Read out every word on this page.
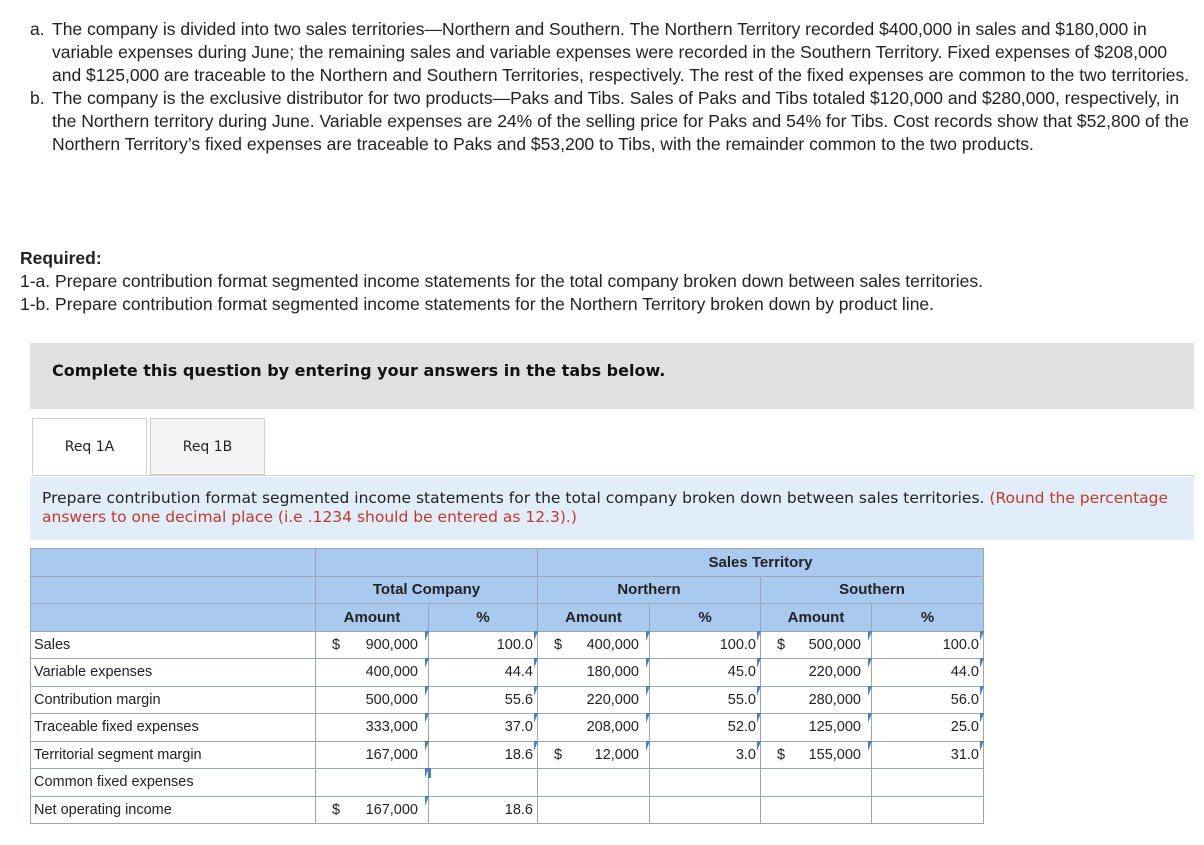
a. The company is divided into two sales territories—Northern and Southern. The Northern Territory recorded $400,000 in sales and $180,000 in variable expenses during June; the remaining sales and variable expenses were recorded in the Southern Territory. Fixed expenses of $208,000 and $125,000 are traceable to the Northern and Southern Territories, respectively. The rest of the fixed expenses are common to the two territories.
b. The company is the exclusive distributor for two products—Paks and Tibs. Sales of Paks and Tibs totaled $120,000 and $280,000, respectively, in the Northern territory during June. Variable expenses are 24% of the selling price for Paks and 54% for Tibs. Cost records show that $52,800 of the Northern Territory’s fixed expenses are traceable to Paks and $53,200 to Tibs, with the remainder common to the two products.
Required:
1-a. Prepare contribution format segmented income statements for the total company broken down between sales territories.
1-b. Prepare contribution format segmented income statements for the Northern Territory broken down by product line.
Complete this question by entering your answers in the tabs below.
Req 1A	Req 1B
Prepare contribution format segmented income statements for the total company broken down between sales territories. (Round the percentage answers to one decimal place (i.e .1234 should be entered as 12.3).)
			Sales Territory			
	Total Company		Northern		Southern	
	Amount	%	Amount	%	Amount	%
Sales	$ 900,000	100.0	$ 400,000	100.0	$ 500,000	100.0
Variable expenses	400,000	44.4	180,000	45.0	220,000	44.0
Contribution margin	500,000	55.6	220,000	55.0	280,000	56.0
Traceable fixed expenses	333,000	37.0	208,000	52.0	125,000	25.0
Territorial segment margin	167,000	18.6	$ 12,000	3.0	$ 155,000	31.0
Common fixed expenses	

Net operating income	$ 167,000	18.6	
